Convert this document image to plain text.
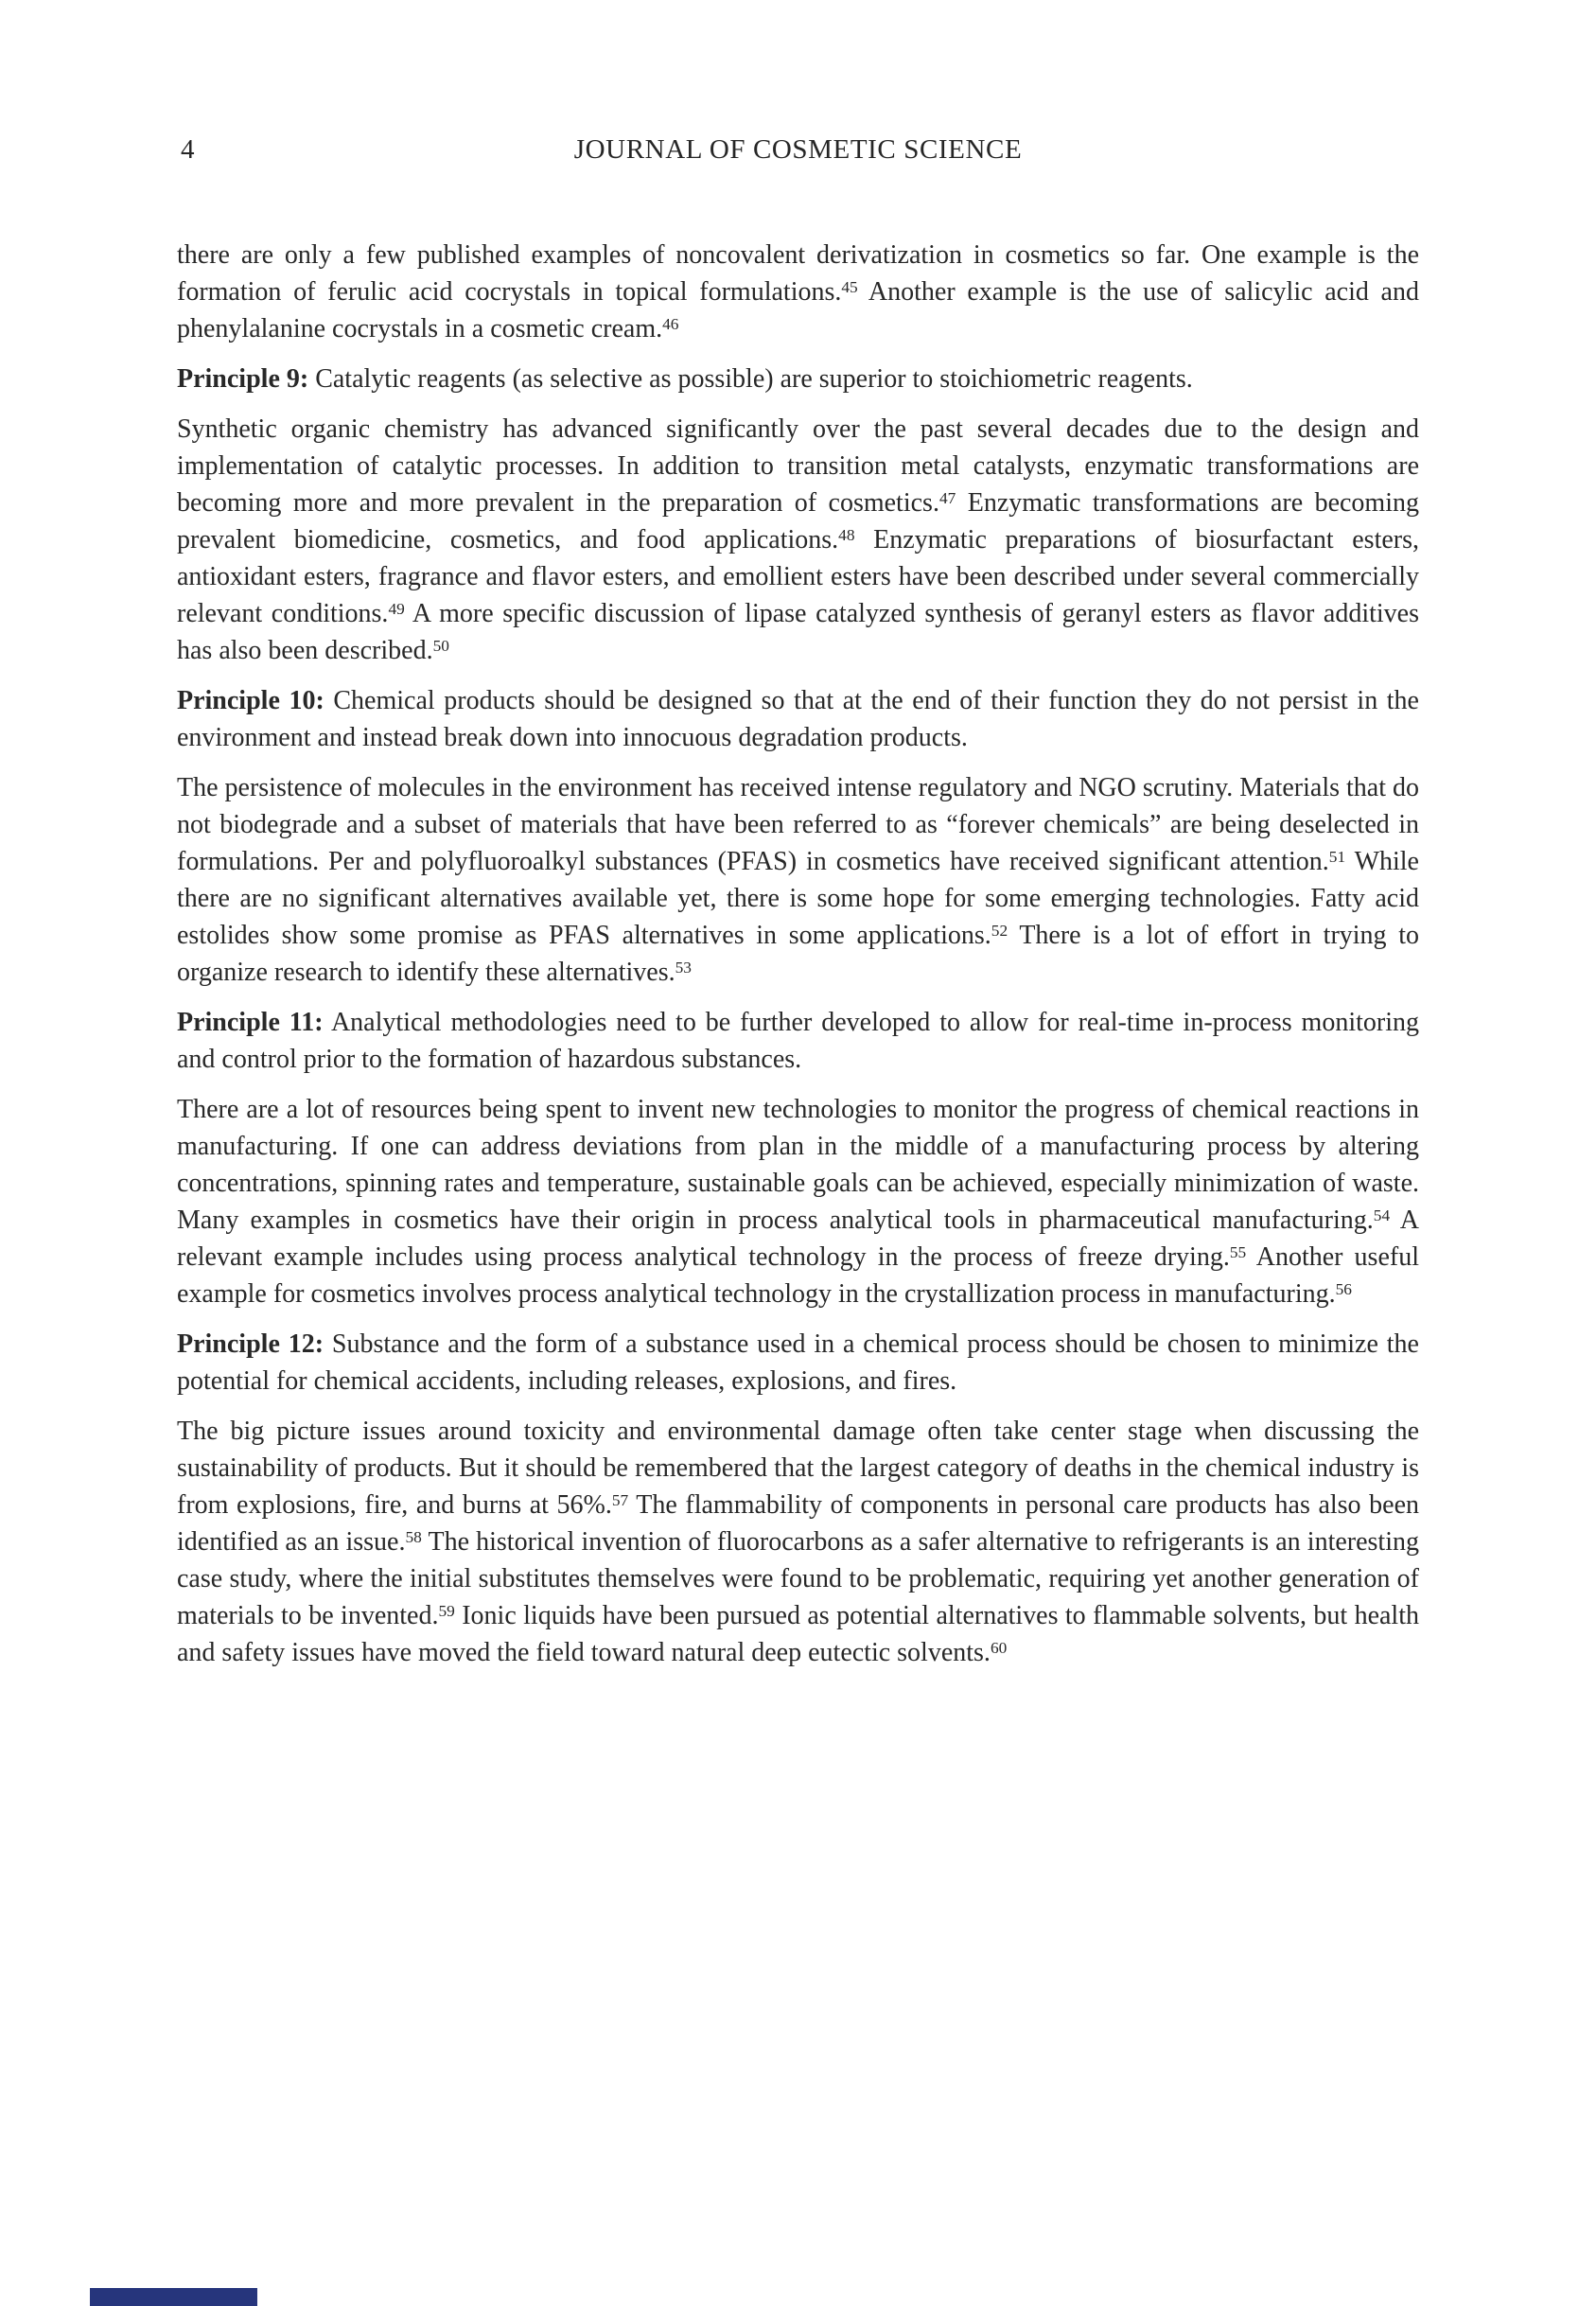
4	JOURNAL OF COSMETIC SCIENCE

there are only a few published examples of noncovalent derivatization in cosmetics so far. One example is the formation of ferulic acid cocrystals in topical formulations.$^{45}$ Another example is the use of salicylic acid and phenylalanine cocrystals in a cosmetic cream.$^{46}$

Principle 9: Catalytic reagents (as selective as possible) are superior to stoichiometric reagents.

Synthetic organic chemistry has advanced significantly over the past several decades due to the design and implementation of catalytic processes. In addition to transition metal catalysts, enzymatic transformations are becoming more and more prevalent in the preparation of cosmetics.$^{47}$ Enzymatic transformations are becoming prevalent biomedicine, cosmetics, and food applications.$^{48}$ Enzymatic preparations of biosurfactant esters, antioxidant esters, fragrance and flavor esters, and emollient esters have been described under several commercially relevant conditions.$^{49}$ A more specific discussion of lipase catalyzed synthesis of geranyl esters as flavor additives has also been described.$^{50}$

Principle 10: Chemical products should be designed so that at the end of their function they do not persist in the environment and instead break down into innocuous degradation products.

The persistence of molecules in the environment has received intense regulatory and NGO scrutiny. Materials that do not biodegrade and a subset of materials that have been referred to as “forever chemicals” are being deselected in formulations. Per and polyfluoroalkyl substances (PFAS) in cosmetics have received significant attention.$^{51}$ While there are no significant alternatives available yet, there is some hope for some emerging technologies. Fatty acid estolides show some promise as PFAS alternatives in some applications.$^{52}$ There is a lot of effort in trying to organize research to identify these alternatives.$^{53}$

Principle 11: Analytical methodologies need to be further developed to allow for real-time in-process monitoring and control prior to the formation of hazardous substances.

There are a lot of resources being spent to invent new technologies to monitor the progress of chemical reactions in manufacturing. If one can address deviations from plan in the middle of a manufacturing process by altering concentrations, spinning rates and temperature, sustainable goals can be achieved, especially minimization of waste. Many examples in cosmetics have their origin in process analytical tools in pharmaceutical manufacturing.$^{54}$ A relevant example includes using process analytical technology in the process of freeze drying.$^{55}$ Another useful example for cosmetics involves process analytical technology in the crystallization process in manufacturing.$^{56}$

Principle 12: Substance and the form of a substance used in a chemical process should be chosen to minimize the potential for chemical accidents, including releases, explosions, and fires.

The big picture issues around toxicity and environmental damage often take center stage when discussing the sustainability of products. But it should be remembered that the largest category of deaths in the chemical industry is from explosions, fire, and burns at 56%.$^{57}$ The flammability of components in personal care products has also been identified as an issue.$^{58}$ The historical invention of fluorocarbons as a safer alternative to refrigerants is an interesting case study, where the initial substitutes themselves were found to be problematic, requiring yet another generation of materials to be invented.$^{59}$ Ionic liquids have been pursued as potential alternatives to flammable solvents, but health and safety issues have moved the field toward natural deep eutectic solvents.$^{60}$
